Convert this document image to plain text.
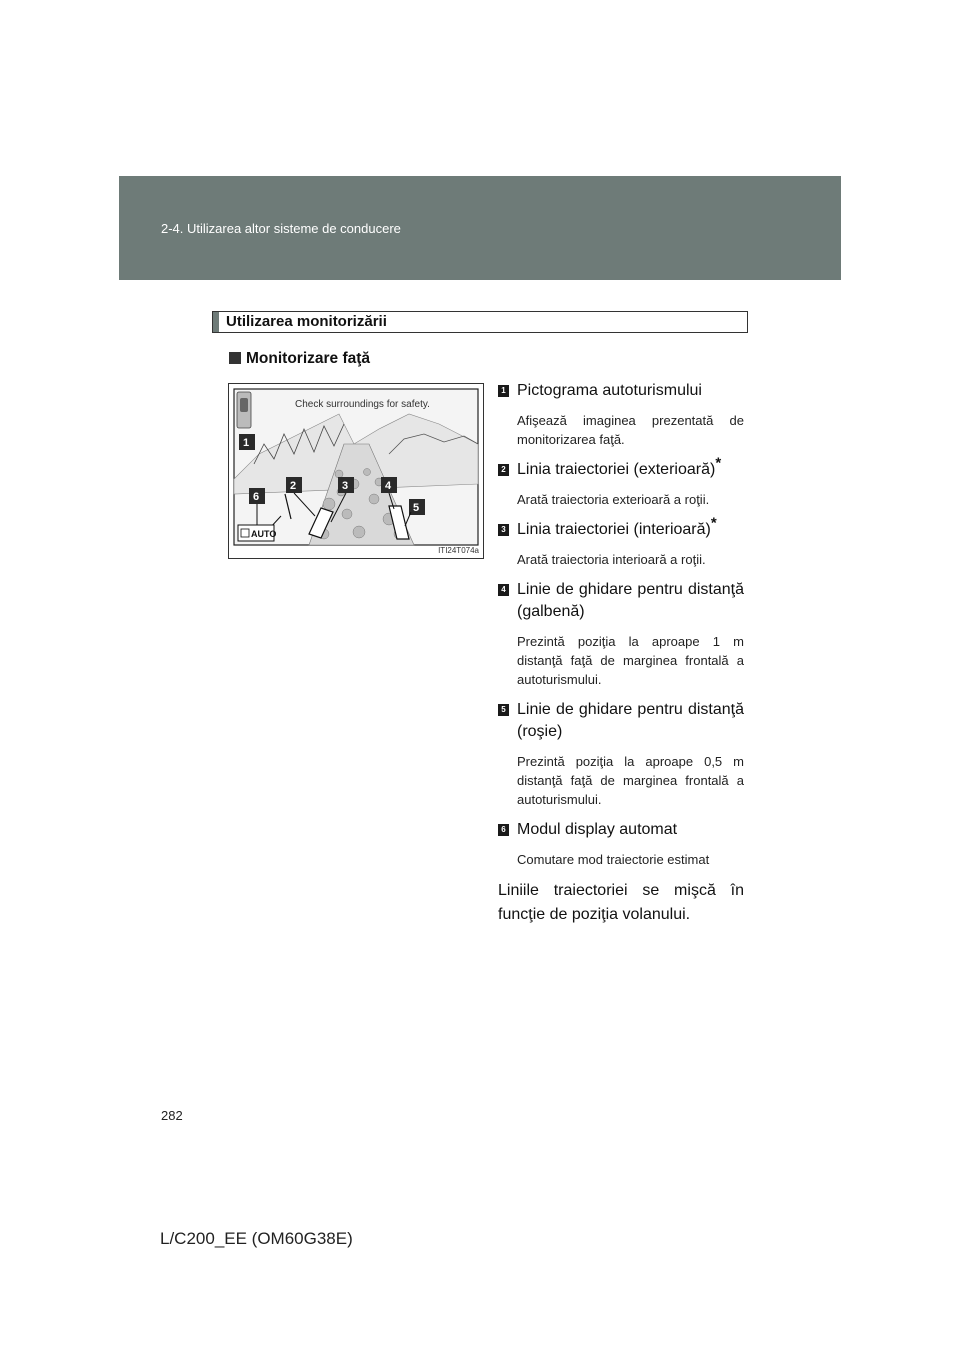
2-4. Utilizarea altor sisteme de conducere
Utilizarea monitorizării
Monitorizare faţă
Check surroundings for safety.
AUTO
1
2	3	4
5
6
ITI24T074a
1 Pictograma autoturismului
Afişează imaginea prezentată de monitorizarea faţă.
2 Linia traiectoriei (exterioară)*
Arată traiectoria exterioară a roţii.
3 Linia traiectoriei (interioară)*
Arată traiectoria interioară a roţii.
4 Linie de ghidare pentru distanţă (galbenă)
Prezintă poziţia la aproape 1 m distanţă faţă de marginea frontală a autoturismului.
5 Linie de ghidare pentru distanţă (roşie)
Prezintă poziţia la aproape 0,5 m distanţă faţă de marginea frontală a autoturismului.
6 Modul display automat
Comutare mod traiectorie estimat
Liniile traiectoriei se mişcă în funcţie de poziţia volanului.
282
L/C200_EE (OM60G38E)
